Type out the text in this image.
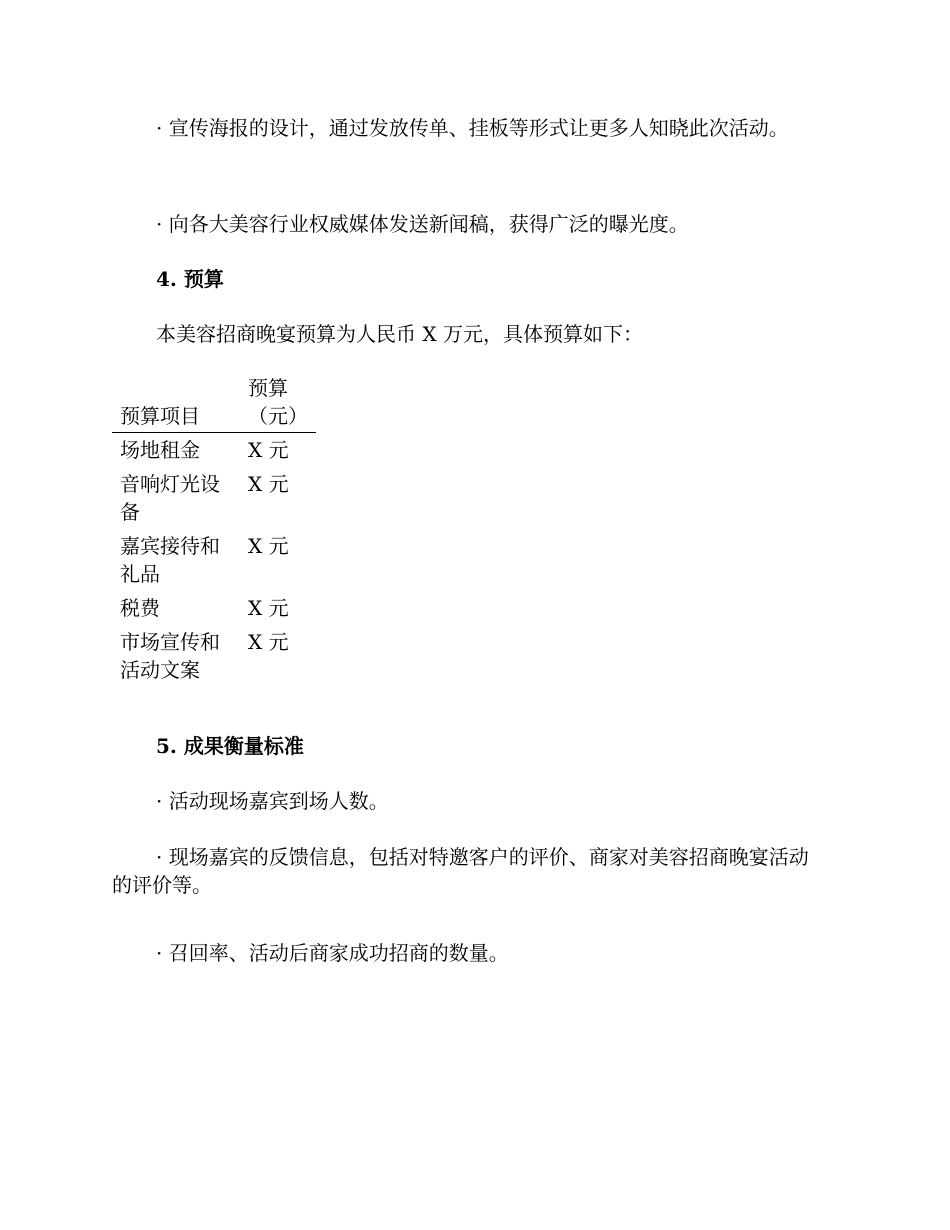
· 宣传海报的设计，通过发放传单、挂板等形式让更多人知晓此次活动。

· 向各大美容行业权威媒体发送新闻稿，获得广泛的曝光度。

4. 预算

本美容招商晚宴预算为人民币 X 万元，具体预算如下：

预算项目	预算（元）
场地租金	X 元
音响灯光设备	X 元
嘉宾接待和礼品	X 元
税费	X 元
市场宣传和活动文案	X 元

5. 成果衡量标准

· 活动现场嘉宾到场人数。

· 现场嘉宾的反馈信息，包括对特邀客户的评价、商家对美容招商晚宴活动的评价等。

· 召回率、活动后商家成功招商的数量。
